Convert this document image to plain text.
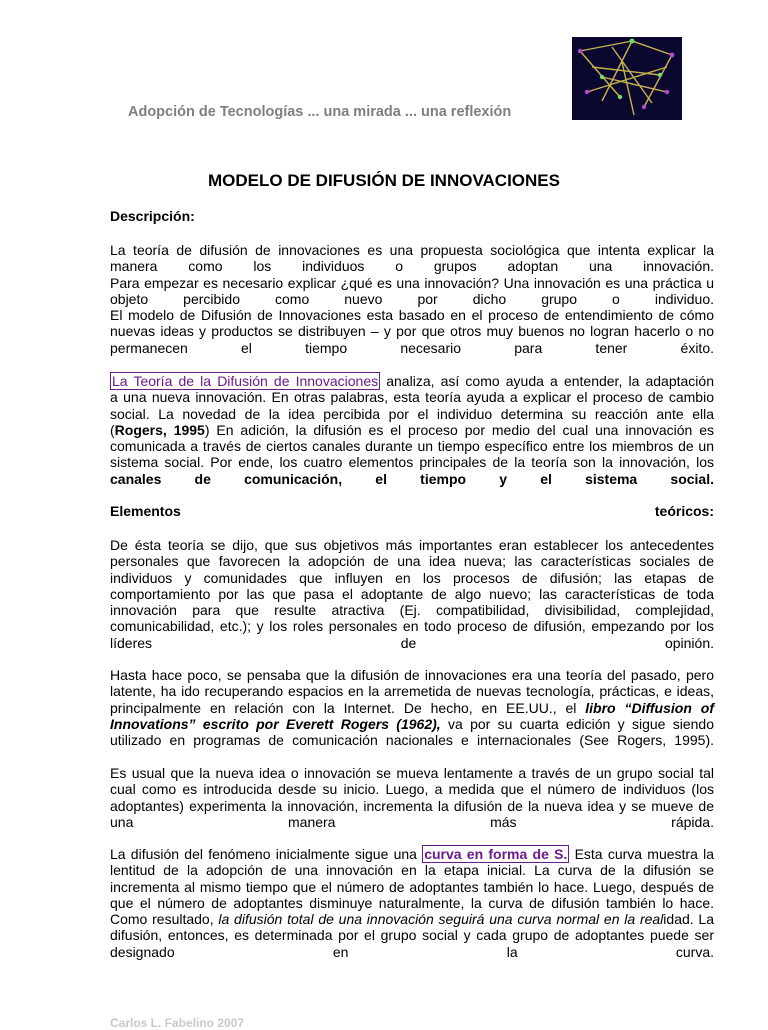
Adopción de Tecnologías ... una mirada ... una reflexión
MODELO DE DIFUSIÓN DE INNOVACIONES
Descripción:
La teoría de difusión de innovaciones es una propuesta sociológica que intenta explicar la
manera como los individuos o grupos adoptan una innovación.
Para empezar es necesario explicar ¿qué es una innovación? Una innovación es una práctica u
objeto percibido como nuevo por dicho grupo o individuo.
El modelo de Difusión de Innovaciones esta basado en el proceso de entendimiento de cómo
nuevas ideas y productos se distribuyen – y por que otros muy buenos no logran hacerlo o no
permanecen el tiempo necesario para tener éxito.
La Teoría de la Difusión de Innovaciones analiza, así como ayuda a entender, la adaptación
a una nueva innovación. En otras palabras, esta teoría ayuda a explicar el proceso de cambio
social. La novedad de la idea percibida por el individuo determina su reacción ante ella
(Rogers, 1995) En adición, la difusión es el proceso por medio del cual una innovación es
comunicada a través de ciertos canales durante un tiempo específico entre los miembros de un
sistema social. Por ende, los cuatro elementos principales de la teoría son la innovación, los
canales de comunicación, el tiempo y el sistema social.
Elementos	teóricos:
De ésta teoría se dijo, que sus objetivos más importantes eran establecer los antecedentes
personales que favorecen la adopción de una idea nueva; las características sociales de
individuos y comunidades que influyen en los procesos de difusión; las etapas de
comportamiento por las que pasa el adoptante de algo nuevo; las características de toda
innovación para que resulte atractiva (Ej. compatibilidad, divisibilidad, complejidad,
comunicabilidad, etc.); y los roles personales en todo proceso de difusión, empezando por los
líderes de opinión.
Hasta hace poco, se pensaba que la difusión de innovaciones era una teoría del pasado, pero
latente, ha ido recuperando espacios en la arremetida de nuevas tecnología, prácticas, e ideas,
principalmente en relación con la Internet. De hecho, en EE.UU., el libro “Diffusion of
Innovations” escrito por Everett Rogers (1962), va por su cuarta edición y sigue siendo
utilizado en programas de comunicación nacionales e internacionales (See Rogers, 1995).
Es usual que la nueva idea o innovación se mueva lentamente a través de un grupo social tal
cual como es introducida desde su inicio. Luego, a medida que el número de individuos (los
adoptantes) experimenta la innovación, incrementa la difusión de la nueva idea y se mueve de
una manera más rápida.
La difusión del fenómeno inicialmente sigue una curva en forma de S. Esta curva muestra la
lentitud de la adopción de una innovación en la etapa inicial. La curva de la difusión se
incrementa al mismo tiempo que el número de adoptantes también lo hace. Luego, después de
que el número de adoptantes disminuye naturalmente, la curva de difusión también lo hace.
Como resultado, la difusión total de una innovación seguirá una curva normal en la realidad. La
difusión, entonces, es determinada por el grupo social y cada grupo de adoptantes puede ser
designado en la curva.
Carlos L. Fabelino 2007
